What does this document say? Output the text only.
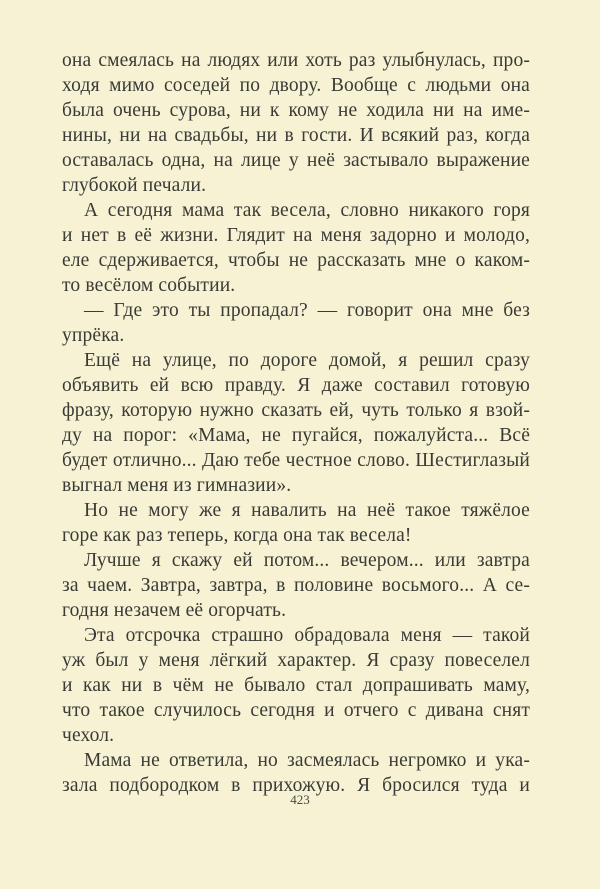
она смеялась на людях или хоть раз улыбнулась, про-
ходя мимо соседей по двору. Вообще с людьми она
была очень сурова, ни к кому не ходила ни на име-
нины, ни на свадьбы, ни в гости. И всякий раз, когда
оставалась одна, на лице у неё застывало выражение
глубокой печали.
А сегодня мама так весела, словно никакого горя
и нет в её жизни. Глядит на меня задорно и молодо,
еле сдерживается, чтобы не рассказать мне о каком-
то весёлом событии.
— Где это ты пропадал? — говорит она мне без
упрёка.
Ещё на улице, по дороге домой, я решил сразу
объявить ей всю правду. Я даже составил готовую
фразу, которую нужно сказать ей, чуть только я взой-
ду на порог: «Мама, не пугайся, пожалуйста... Всё
будет отлично... Даю тебе честное слово. Шестиглазый
выгнал меня из гимназии».
Но не могу же я навалить на неё такое тяжёлое
горе как раз теперь, когда она так весела!
Лучше я скажу ей потом... вечером... или завтра
за чаем. Завтра, завтра, в половине восьмого... А се-
годня незачем её огорчать.
Эта отсрочка страшно обрадовала меня — такой
уж был у меня лёгкий характер. Я сразу повеселел
и как ни в чём не бывало стал допрашивать маму,
что такое случилось сегодня и отчего с дивана снят
чехол.
Мама не ответила, но засмеялась негромко и ука-
зала подбородком в прихожую. Я бросился туда и
423
